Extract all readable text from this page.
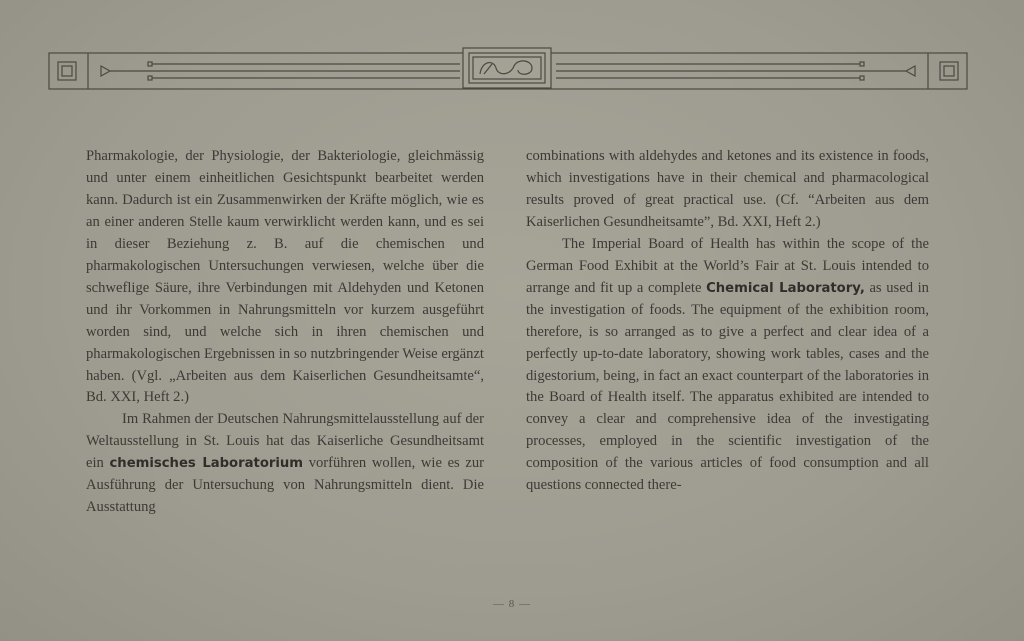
Pharmakologie, der Physiologie, der Bakteriologie, gleichmässig und unter einem einheitlichen Gesichtspunkt bearbeitet werden kann. Dadurch ist ein Zusammenwirken der Kräfte möglich, wie es an einer anderen Stelle kaum verwirklicht werden kann, und es sei in dieser Beziehung z. B. auf die chemischen und pharmakologischen Untersuchungen verwiesen, welche über die schweflige Säure, ihre Verbindungen mit Aldehyden und Ketonen und ihr Vorkommen in Nahrungsmitteln vor kurzem ausgeführt worden sind, und welche sich in ihren chemischen und pharmakologischen Ergebnissen in so nutzbringender Weise ergänzt haben. (Vgl. „Arbeiten aus dem Kaiserlichen Gesundheitsamte“, Bd. XXI, Heft 2.)

Im Rahmen der Deutschen Nahrungsmittelausstellung auf der Weltausstellung in St. Louis hat das Kaiserliche Gesundheitsamt ein chemisches Laboratorium vorführen wollen, wie es zur Ausführung der Untersuchung von Nahrungsmitteln dient. Die Ausstattung

combinations with aldehydes and ketones and its existence in foods, which investigations have in their chemical and pharmacological results proved of great practical use. (Cf. “Arbeiten aus dem Kaiserlichen Gesundheitsamte”, Bd. XXI, Heft 2.)

The Imperial Board of Health has within the scope of the German Food Exhibit at the World’s Fair at St. Louis intended to arrange and fit up a complete Chemical Laboratory, as used in the investigation of foods. The equipment of the exhibition room, therefore, is so arranged as to give a perfect and clear idea of a perfectly up-to-date laboratory, showing work tables, cases and the digestorium, being, in fact an exact counterpart of the laboratories in the Board of Health itself. The apparatus exhibited are intended to convey a clear and comprehensive idea of the investigating processes, employed in the scientific investigation of the composition of the various articles of food consumption and all questions connected there-

— 8 —
